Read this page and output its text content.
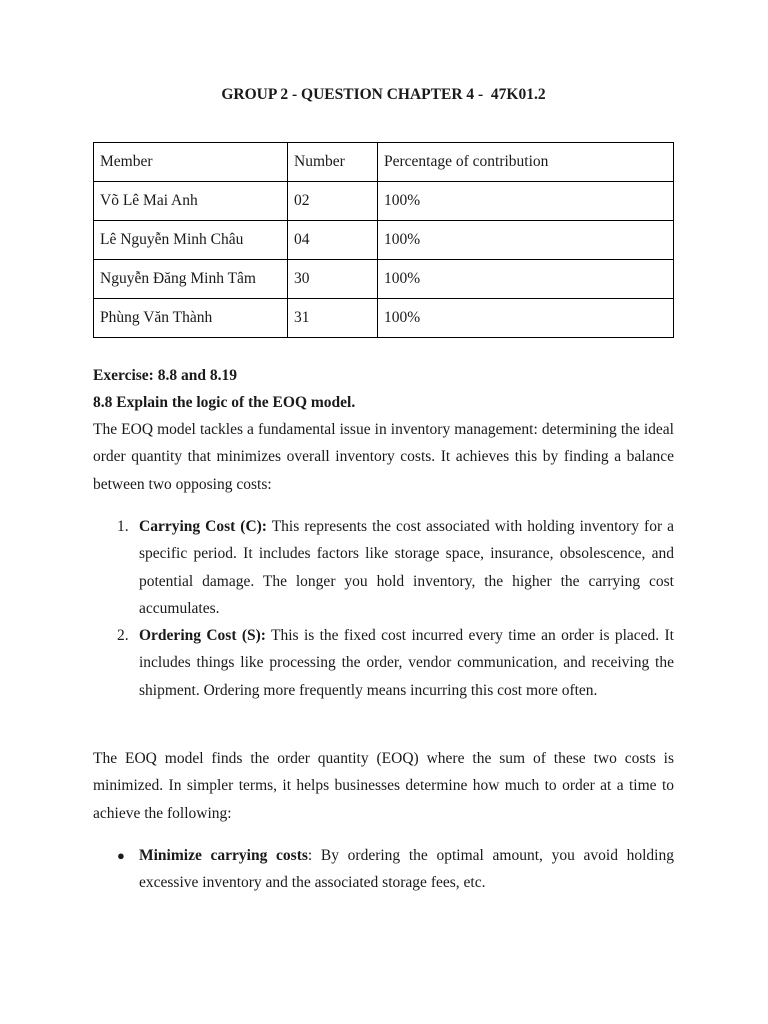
GROUP 2 - QUESTION CHAPTER 4 -  47K01.2
Member	Number	Percentage of contribution
Võ Lê Mai Anh	02	100%
Lê Nguyễn Minh Châu	04	100%
Nguyễn Đăng Minh Tâm	30	100%
Phùng Văn Thành	31	100%
Exercise: 8.8 and 8.19
8.8 Explain the logic of the EOQ model.
The EOQ model tackles a fundamental issue in inventory management: determining the ideal order quantity that minimizes overall inventory costs. It achieves this by finding a balance between two opposing costs:
1. Carrying Cost (C): This represents the cost associated with holding inventory for a specific period. It includes factors like storage space, insurance, obsolescence, and potential damage. The longer you hold inventory, the higher the carrying cost accumulates.
2. Ordering Cost (S): This is the fixed cost incurred every time an order is placed. It includes things like processing the order, vendor communication, and receiving the shipment. Ordering more frequently means incurring this cost more often.
The EOQ model finds the order quantity (EOQ) where the sum of these two costs is minimized. In simpler terms, it helps businesses determine how much to order at a time to achieve the following:
● Minimize carrying costs: By ordering the optimal amount, you avoid holding excessive inventory and the associated storage fees, etc.
